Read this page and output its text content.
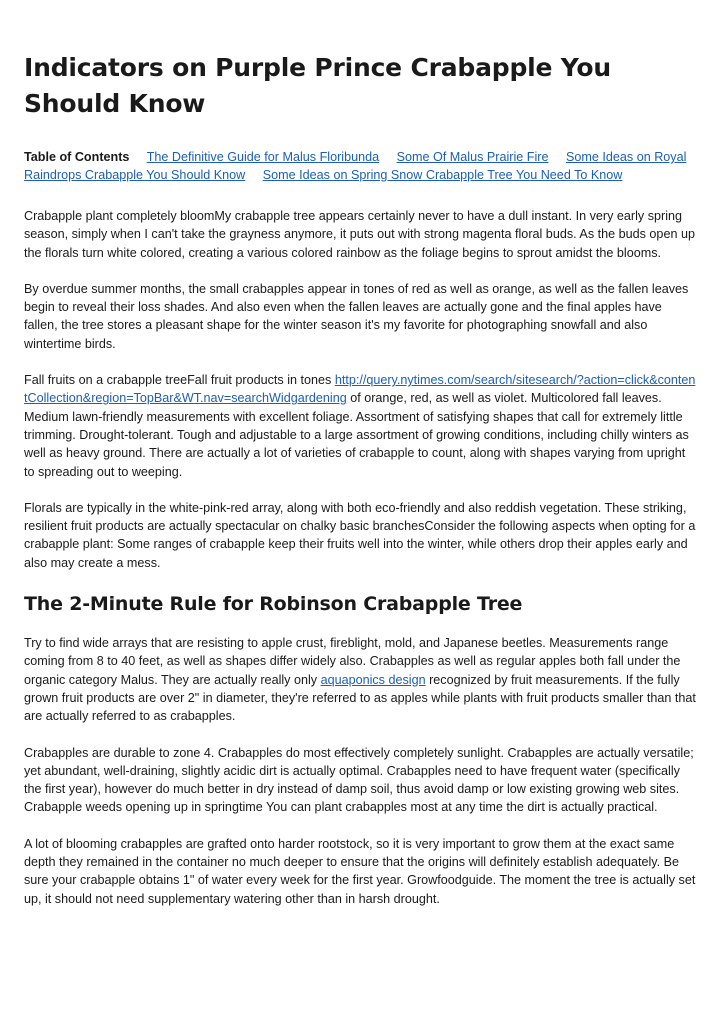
Indicators on Purple Prince Crabapple You Should Know
Table of Contents The Definitive Guide for Malus Floribunda Some Of Malus Prairie Fire Some Ideas on Royal Raindrops Crabapple You Should Know Some Ideas on Spring Snow Crabapple Tree You Need To Know

Crabapple plant completely bloomMy crabapple tree appears certainly never to have a dull instant. In very early spring season, simply when I can't take the grayness anymore, it puts out with strong magenta floral buds. As the buds open up the florals turn white colored, creating a various colored rainbow as the foliage begins to sprout amidst the blooms.

By overdue summer months, the small crabapples appear in tones of red as well as orange, as well as the fallen leaves begin to reveal their loss shades. And also even when the fallen leaves are actually gone and the final apples have fallen, the tree stores a pleasant shape for the winter season it's my favorite for photographing snowfall and also wintertime birds.

Fall fruits on a crabapple treeFall fruit products in tones http://query.nytimes.com/search/sitesearch/?action=click&contentCollection&region=TopBar&WT.nav=searchWidgardening of orange, red, as well as violet. Multicolored fall leaves. Medium lawn-friendly measurements with excellent foliage. Assortment of satisfying shapes that call for extremely little trimming. Drought-tolerant. Tough and adjustable to a large assortment of growing conditions, including chilly winters as well as heavy ground. There are actually a lot of varieties of crabapple to count, along with shapes varying from upright to spreading out to weeping.

Florals are typically in the white-pink-red array, along with both eco-friendly and also reddish vegetation. These striking, resilient fruit products are actually spectacular on chalky basic branchesConsider the following aspects when opting for a crabapple plant: Some ranges of crabapple keep their fruits well into the winter, while others drop their apples early and also may create a mess.

The 2-Minute Rule for Robinson Crabapple Tree

Try to find wide arrays that are resisting to apple crust, fireblight, mold, and Japanese beetles. Measurements range coming from 8 to 40 feet, as well as shapes differ widely also. Crabapples as well as regular apples both fall under the organic category Malus. They are actually really only aquaponics design recognized by fruit measurements. If the fully grown fruit products are over 2" in diameter, they're referred to as apples while plants with fruit products smaller than that are actually referred to as crabapples.

Crabapples are durable to zone 4. Crabapples do most effectively completely sunlight. Crabapples are actually versatile; yet abundant, well-draining, slightly acidic dirt is actually optimal. Crabapples need to have frequent water (specifically the first year), however do much better in dry instead of damp soil, thus avoid damp or low existing growing web sites. Crabapple weeds opening up in springtime You can plant crabapples most at any time the dirt is actually practical.

A lot of blooming crabapples are grafted onto harder rootstock, so it is very important to grow them at the exact same depth they remained in the container no much deeper to ensure that the origins will definitely establish adequately. Be sure your crabapple obtains 1" of water every week for the first year. Growfoodguide. The moment the tree is actually set up, it should not need supplementary watering other than in harsh drought.
